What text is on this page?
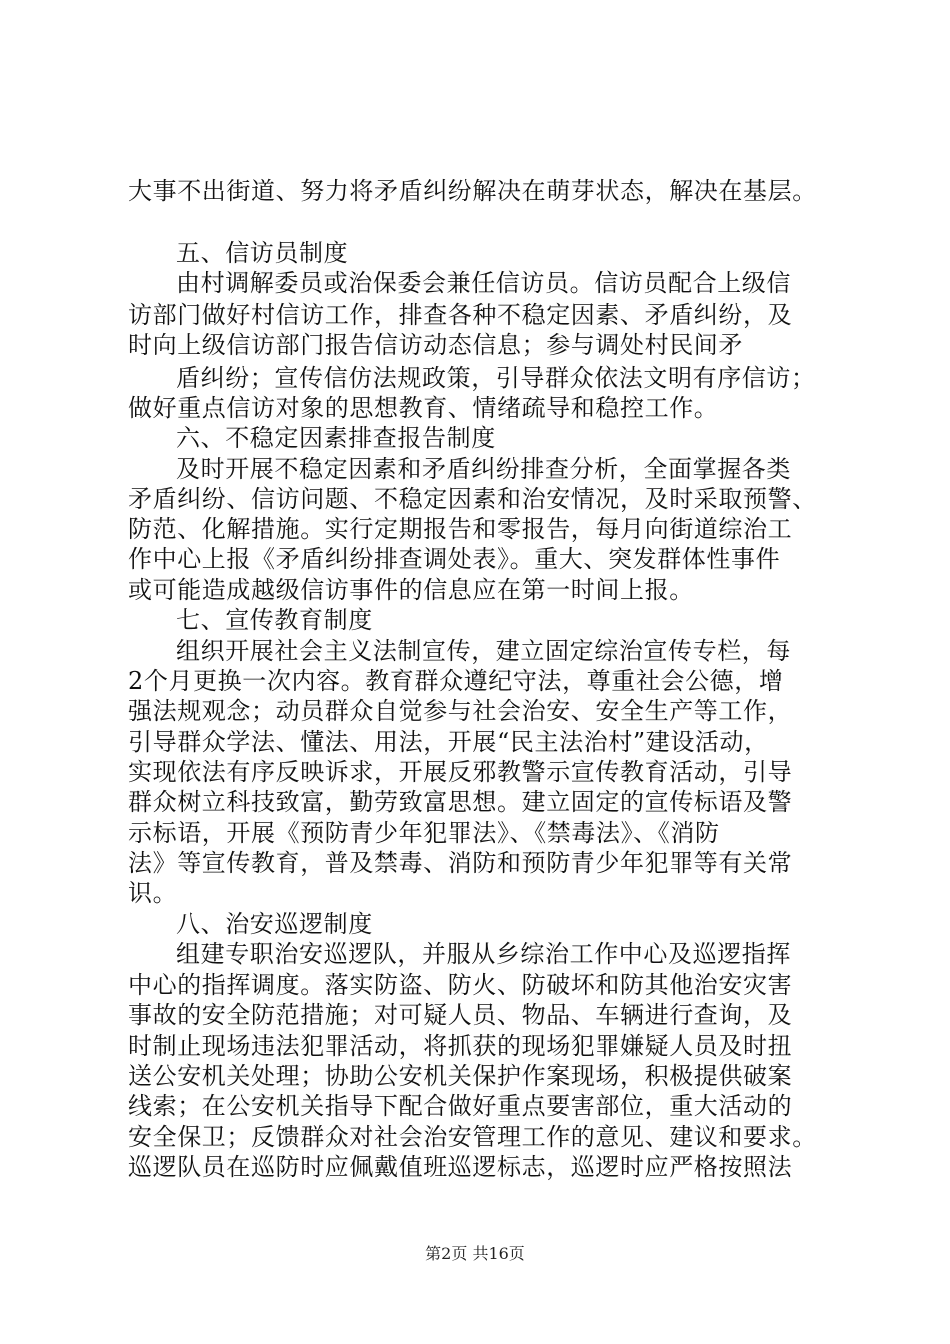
大事不出街道、努力将矛盾纠纷解决在萌芽状态，解决在基层。
五、信访员制度
由村调解委员或治保委会兼任信访员。信访员配合上级信
访部门做好村信访工作，排查各种不稳定因素、矛盾纠纷，及
时向上级信访部门报告信访动态信息；参与调处村民间矛
盾纠纷；宣传信仿法规政策，引导群众依法文明有序信访；
做好重点信访对象的思想教育、情绪疏导和稳控工作。
六、不稳定因素排查报告制度
及时开展不稳定因素和矛盾纠纷排查分析，全面掌握各类
矛盾纠纷、信访问题、不稳定因素和治安情况，及时采取预警、
防范、化解措施。实行定期报告和零报告，每月向街道综治工
作中心上报《矛盾纠纷排查调处表》。重大、突发群体性事件
或可能造成越级信访事件的信息应在第一时间上报。
七、宣传教育制度
组织开展社会主义法制宣传，建立固定综治宣传专栏，每
2个月更换一次内容。教育群众遵纪守法，尊重社会公德，增
强法规观念；动员群众自觉参与社会治安、安全生产等工作，
引导群众学法、懂法、用法，开展“民主法治村”建设活动，
实现依法有序反映诉求，开展反邪教警示宣传教育活动，引导
群众树立科技致富，勤劳致富思想。建立固定的宣传标语及警
示标语，开展《预防青少年犯罪法》、《禁毒法》、《消防
法》等宣传教育，普及禁毒、消防和预防青少年犯罪等有关常
识。
八、治安巡逻制度
组建专职治安巡逻队，并服从乡综治工作中心及巡逻指挥
中心的指挥调度。落实防盗、防火、防破坏和防其他治安灾害
事故的安全防范措施；对可疑人员、物品、车辆进行查询，及
时制止现场违法犯罪活动，将抓获的现场犯罪嫌疑人员及时扭
送公安机关处理；协助公安机关保护作案现场，积极提供破案
线索；在公安机关指导下配合做好重点要害部位，重大活动的
安全保卫；反馈群众对社会治安管理工作的意见、建议和要求。
巡逻队员在巡防时应佩戴值班巡逻标志，巡逻时应严格按照法
第2页 共16页
